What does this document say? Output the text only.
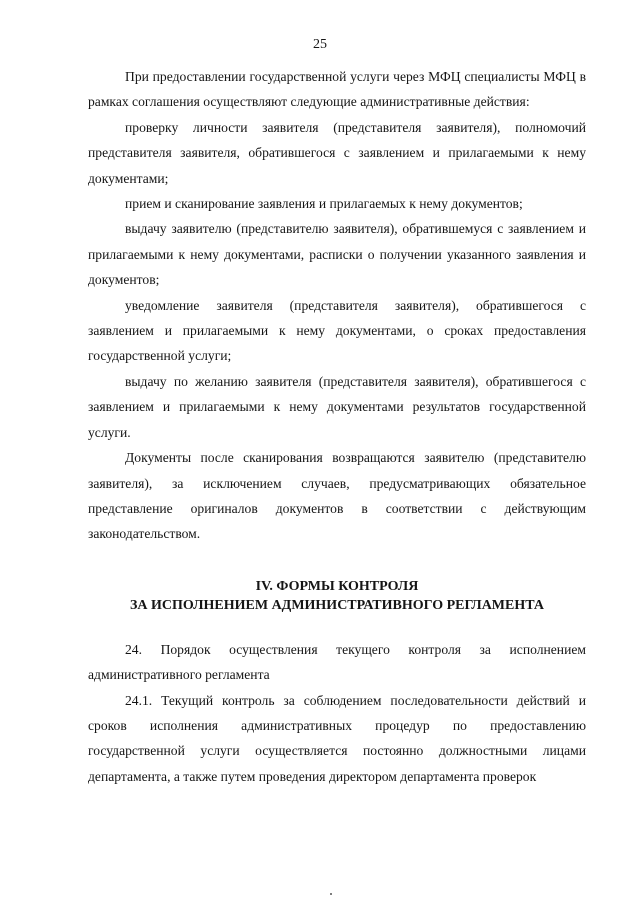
25

При предоставлении государственной услуги через МФЦ специалисты МФЦ в рамках соглашения осуществляют следующие административные действия:

проверку личности заявителя (представителя заявителя), полномочий представителя заявителя, обратившегося с заявлением и прилагаемыми к нему документами;

прием и сканирование заявления и прилагаемых к нему документов;

выдачу заявителю (представителю заявителя), обратившемуся с заявлением и прилагаемыми к нему документами, расписки о получении указанного заявления и документов;

уведомление заявителя (представителя заявителя), обратившегося с заявлением и прилагаемыми к нему документами, о сроках предоставления государственной услуги;

выдачу по желанию заявителя (представителя заявителя), обратившегося с заявлением и прилагаемыми к нему документами результатов государственной услуги.

Документы после сканирования возвращаются заявителю (представителю заявителя), за исключением случаев, предусматривающих обязательное представление оригиналов документов в соответствии с действующим законодательством.

IV. ФОРМЫ КОНТРОЛЯ
ЗА ИСПОЛНЕНИЕМ АДМИНИСТРАТИВНОГО РЕГЛАМЕНТА

24. Порядок осуществления текущего контроля за исполнением административного регламента

24.1. Текущий контроль за соблюдением последовательности действий и сроков исполнения административных процедур по предоставлению государственной услуги осуществляется постоянно должностными лицами департамента, а также путем проведения директором департамента проверок
